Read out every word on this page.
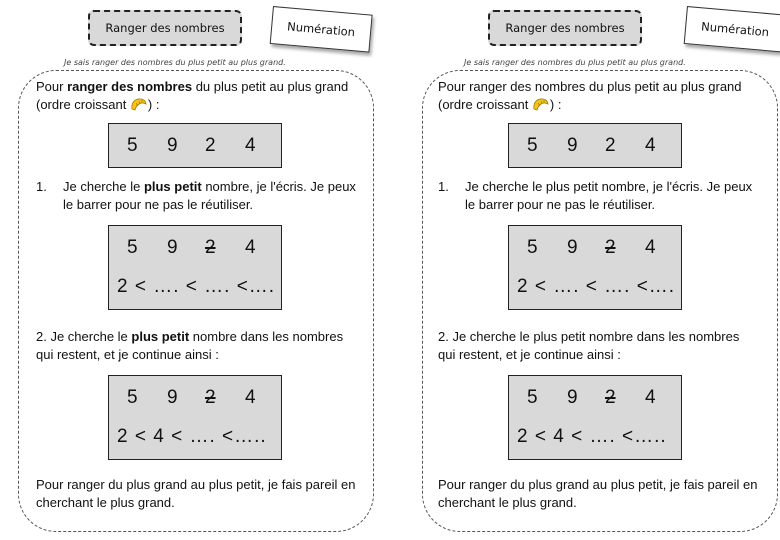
Ranger des nombres	Numération
Je sais ranger des nombres du plus petit au plus grand.
Pour ranger des nombres du plus petit au plus grand (ordre croissant ) :
5 9 2 4
1.	Je cherche le plus petit nombre, je l'écris. Je peux le barrer pour ne pas le réutiliser.
5 9 2 4
2 < …. < …. <….
2. Je cherche le plus petit nombre dans les nombres qui restent, et je continue ainsi :
5 9 2 4
2 < 4 < …. <…..
Pour ranger du plus grand au plus petit, je fais pareil en cherchant le plus grand.
Ranger des nombres	Numération
Je sais ranger des nombres du plus petit au plus grand.
Pour ranger des nombres du plus petit au plus grand (ordre croissant ) :
5 9 2 4
1.	Je cherche le plus petit nombre, je l'écris. Je peux le barrer pour ne pas le réutiliser.
5 9 2 4
2 < …. < …. <….
2. Je cherche le plus petit nombre dans les nombres qui restent, et je continue ainsi :
5 9 2 4
2 < 4 < …. <…..
Pour ranger du plus grand au plus petit, je fais pareil en cherchant le plus grand.
